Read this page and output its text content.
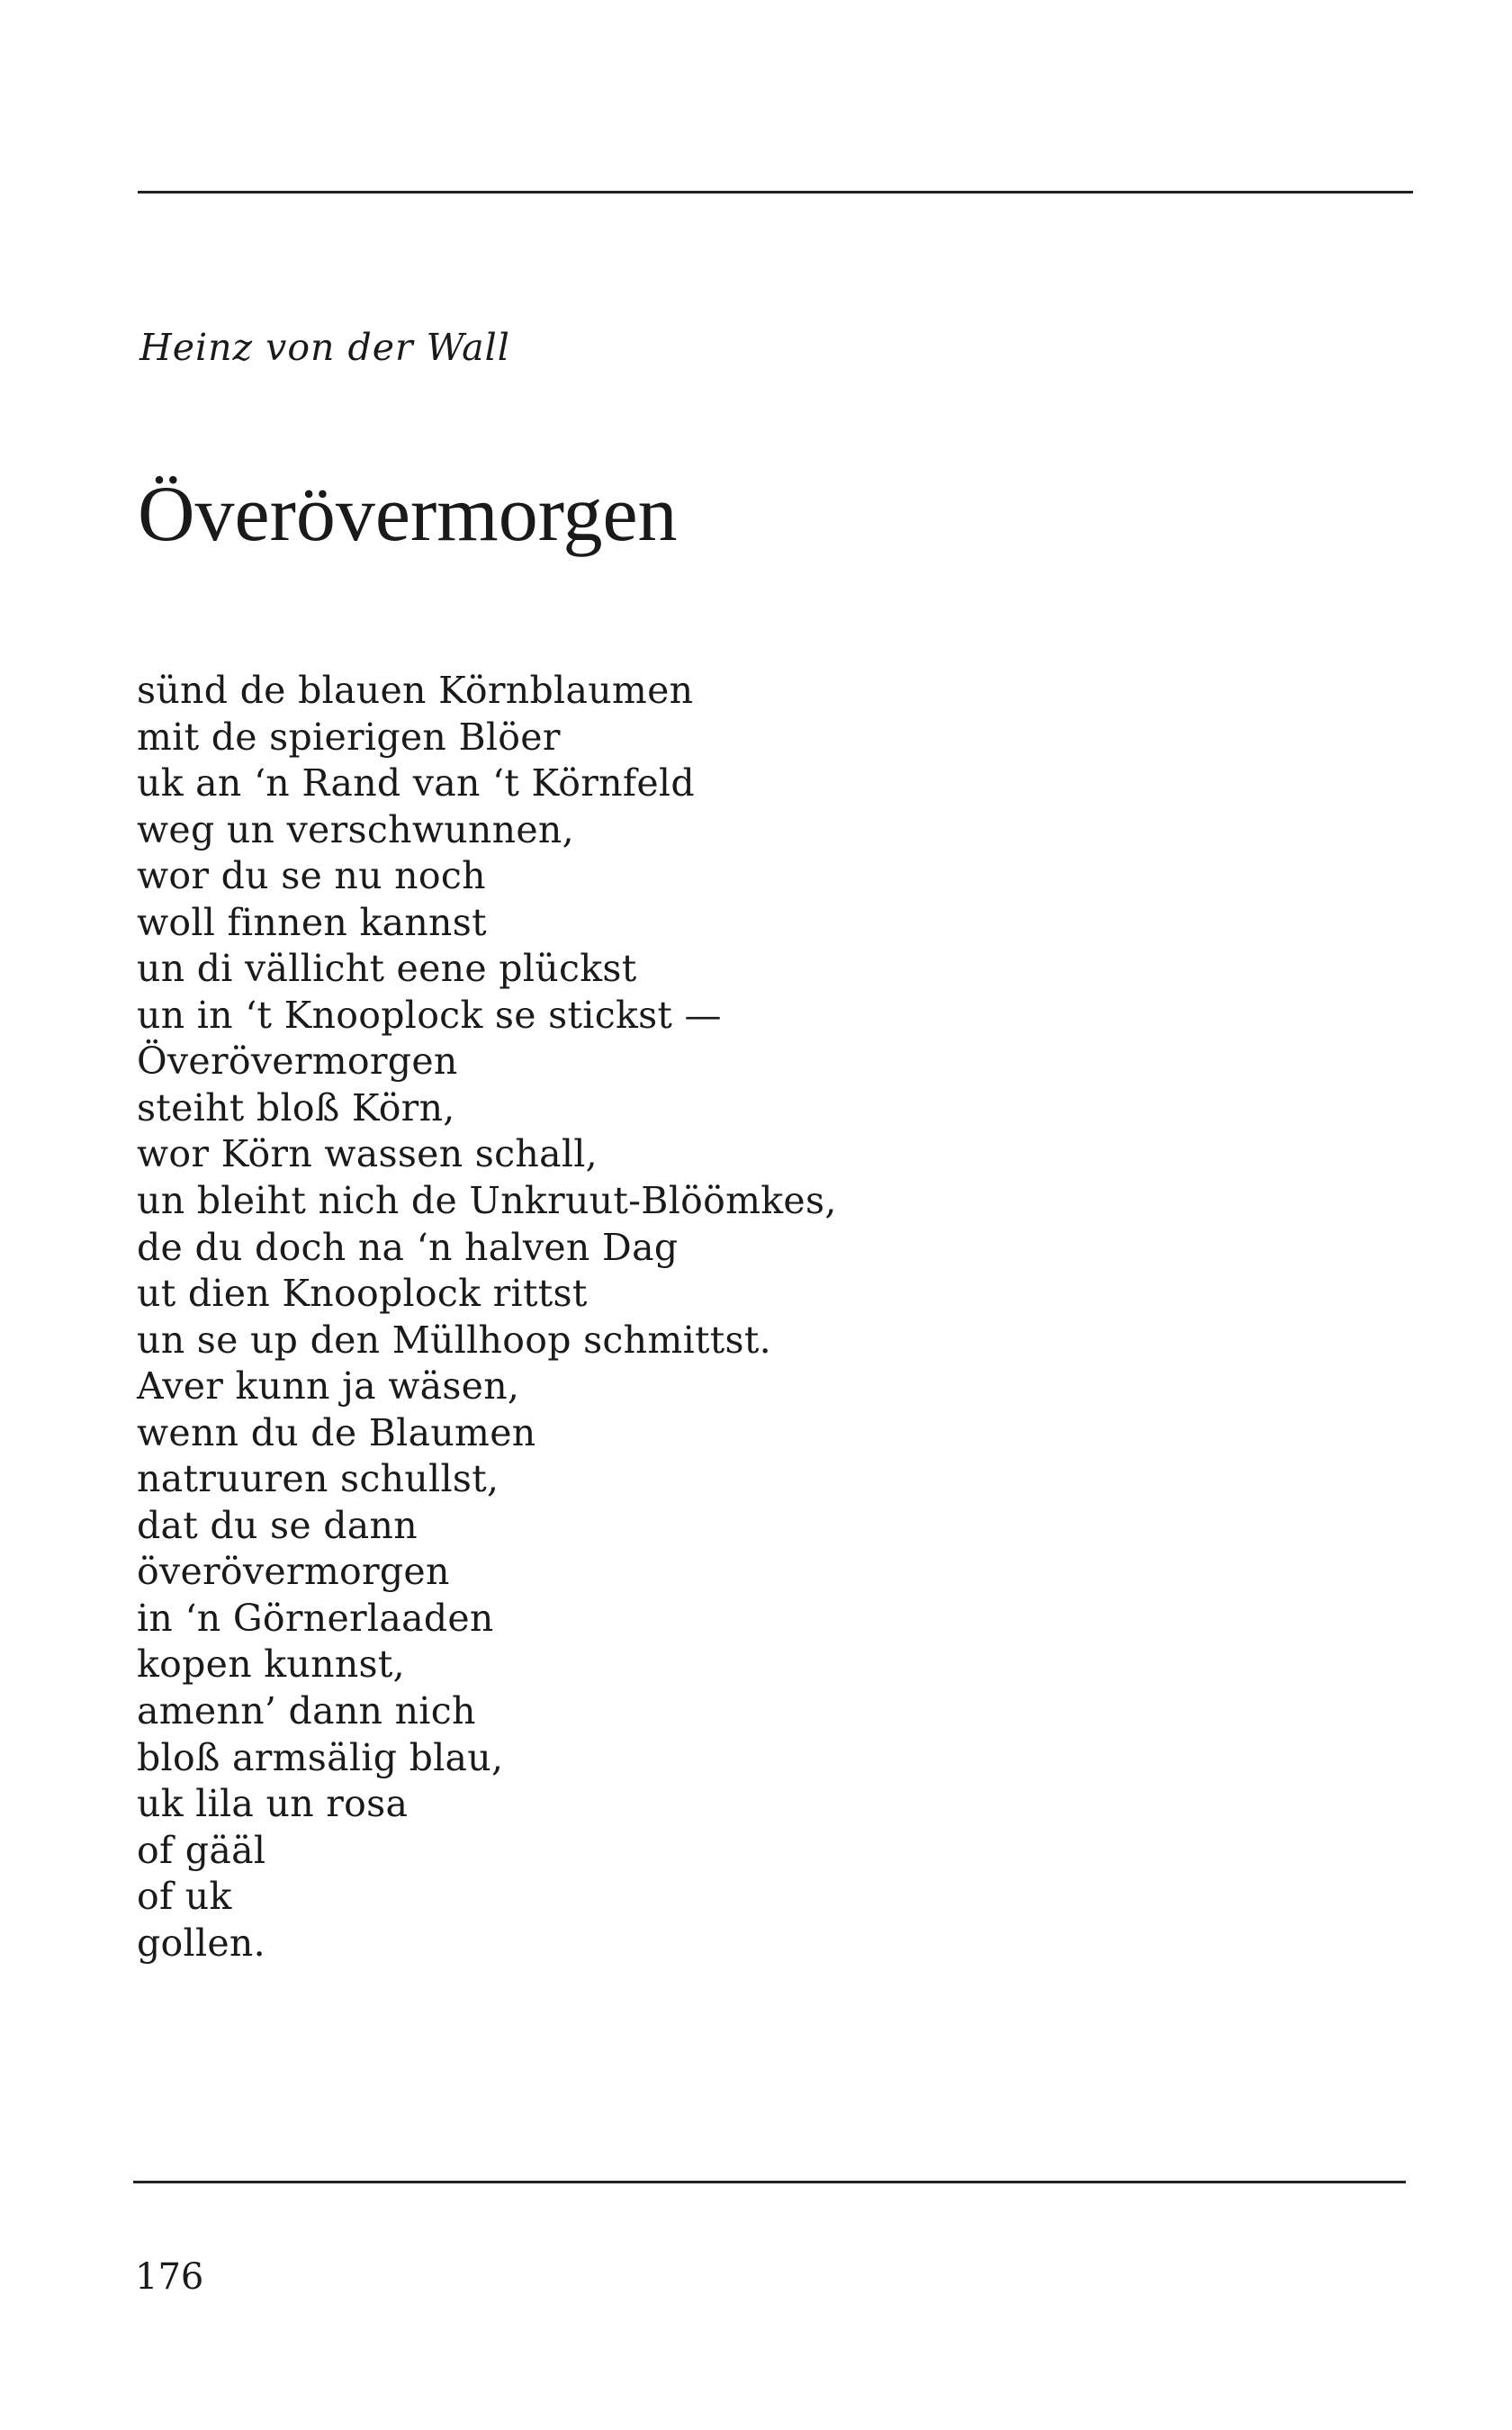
Heinz von der Wall
Överövermorgen
sünd de blauen Körnblaumen
mit de spierigen Blöer
uk an ‘n Rand van ‘t Körnfeld
weg un verschwunnen,
wor du se nu noch
woll finnen kannst
un di vällicht eene plückst
un in ‘t Knooplock se stickst —
Överövermorgen
steiht bloß Körn,
wor Körn wassen schall,
un bleiht nich de Unkruut-Blöömkes,
de du doch na ‘n halven Dag
ut dien Knooplock rittst
un se up den Müllhoop schmittst.
Aver kunn ja wäsen,
wenn du de Blaumen
natruuren schullst,
dat du se dann
överövermorgen
in ‘n Görnerlaaden
kopen kunnst,
amenn’ dann nich
bloß armsälig blau,
uk lila un rosa
of gääl
of uk
gollen.
176
